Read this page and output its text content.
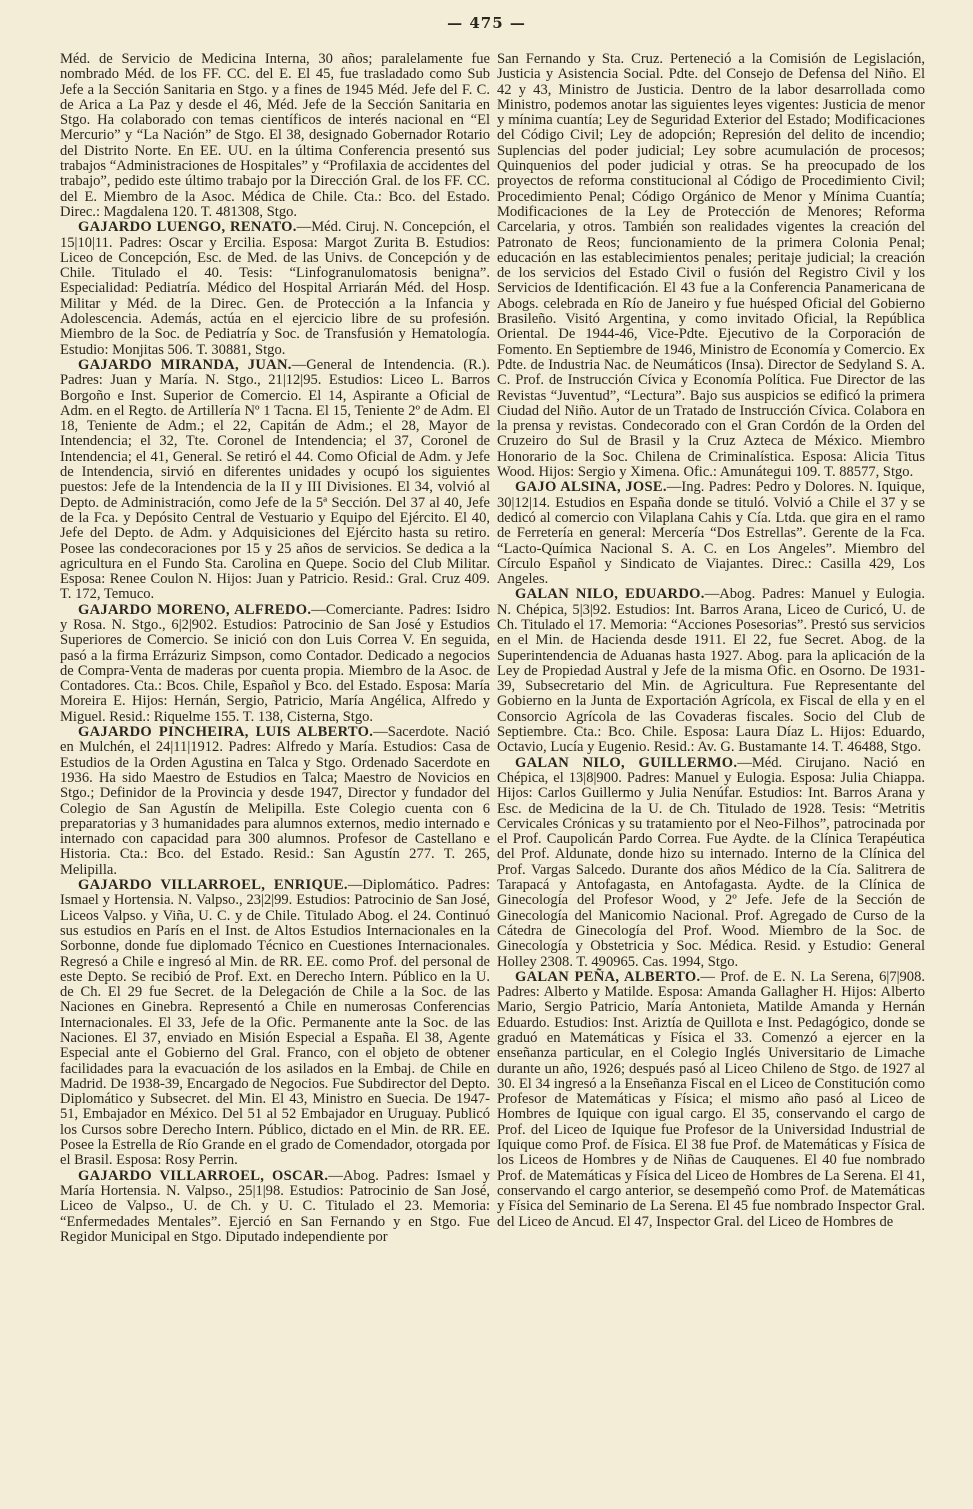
— 475 —

Méd. de Servicio de Medicina Interna, 30 años; paralelamente fue nombrado Méd. de los FF. CC. del E. El 45, fue trasladado como Sub Jefe a la Sección Sanitaria en Stgo. y a fines de 1945 Méd. Jefe del F. C. de Arica a La Paz y desde el 46, Méd. Jefe de la Sección Sanitaria en Stgo. Ha colaborado con temas científicos de interés nacional en “El Mercurio” y “La Nación” de Stgo. El 38, designado Gobernador Rotario del Distrito Norte. En EE. UU. en la última Conferencia presentó sus trabajos “Administraciones de Hospitales” y “Profilaxia de accidentes del trabajo”, pedido este último trabajo por la Dirección Gral. de los FF. CC. del E. Miembro de la Asoc. Médica de Chile. Cta.: Bco. del Estado. Direc.: Magdalena 120. T. 481308, Stgo.

GAJARDO LUENGO, RENATO.—Méd. Ciruj. N. Concepción, el 15|10|11. Padres: Oscar y Ercilia. Esposa: Margot Zurita B. Estudios: Liceo de Concepción, Esc. de Med. de las Univs. de Concepción y de Chile. Titulado el 40. Tesis: “Linfogranulomatosis benigna”. Especialidad: Pediatría. Médico del Hospital Arriarán Méd. del Hosp. Militar y Méd. de la Direc. Gen. de Protección a la Infancia y Adolescencia. Además, actúa en el ejercicio libre de su profesión. Miembro de la Soc. de Pediatría y Soc. de Transfusión y Hematología. Estudio: Monjitas 506. T. 30881, Stgo.

GAJARDO MIRANDA, JUAN.—General de Intendencia. (R.). Padres: Juan y María. N. Stgo., 21|12|95. Estudios: Liceo L. Barros Borgoño e Inst. Superior de Comercio. El 14, Aspirante a Oficial de Adm. en el Regto. de Artillería Nº 1 Tacna. El 15, Teniente 2º de Adm. El 18, Teniente de Adm.; el 22, Capitán de Adm.; el 28, Mayor de Intendencia; el 32, Tte. Coronel de Intendencia; el 37, Coronel de Intendencia; el 41, General. Se retiró el 44. Como Oficial de Adm. y Jefe de Intendencia, sirvió en diferentes unidades y ocupó los siguientes puestos: Jefe de la Intendencia de la II y III Divisiones. El 34, volvió al Depto. de Administración, como Jefe de la 5ª Sección. Del 37 al 40, Jefe de la Fca. y Depósito Central de Vestuario y Equipo del Ejército. El 40, Jefe del Depto. de Adm. y Adquisiciones del Ejército hasta su retiro. Posee las condecoraciones por 15 y 25 años de servicios. Se dedica a la agricultura en el Fundo Sta. Carolina en Quepe. Socio del Club Militar. Esposa: Renee Coulon N. Hijos: Juan y Patricio. Resid.: Gral. Cruz 409. T. 172, Temuco.

GAJARDO MORENO, ALFREDO.—Comerciante. Padres: Isidro y Rosa. N. Stgo., 6|2|902. Estudios: Patrocinio de San José y Estudios Superiores de Comercio. Se inició con don Luis Correa V. En seguida, pasó a la firma Errázuriz Simpson, como Contador. Dedicado a negocios de Compra-Venta de maderas por cuenta propia. Miembro de la Asoc. de Contadores. Cta.: Bcos. Chile, Español y Bco. del Estado. Esposa: María Moreira E. Hijos: Hernán, Sergio, Patricio, María Angélica, Alfredo y Miguel. Resid.: Riquelme 155. T. 138, Cisterna, Stgo.

GAJARDO PINCHEIRA, LUIS ALBERTO.—Sacerdote. Nació en Mulchén, el 24|11|1912. Padres: Alfredo y María. Estudios: Casa de Estudios de la Orden Agustina en Talca y Stgo. Ordenado Sacerdote en 1936. Ha sido Maestro de Estudios en Talca; Maestro de Novicios en Stgo.; Definidor de la Provincia y desde 1947, Director y fundador del Colegio de San Agustín de Melipilla. Este Colegio cuenta con 6 preparatorias y 3 humanidades para alumnos externos, medio internado e internado con capacidad para 300 alumnos. Profesor de Castellano e Historia. Cta.: Bco. del Estado. Resid.: San Agustín 277. T. 265, Melipilla.

GAJARDO VILLARROEL, ENRIQUE.—Diplomático. Padres: Ismael y Hortensia. N. Valpso., 23|2|99. Estudios: Patrocinio de San José, Liceos Valpso. y Viña, U. C. y de Chile. Titulado Abog. el 24. Continuó sus estudios en París en el Inst. de Altos Estudios Internacionales en la Sorbonne, donde fue diplomado Técnico en Cuestiones Internacionales. Regresó a Chile e ingresó al Min. de RR. EE. como Prof. del personal de este Depto. Se recibió de Prof. Ext. en Derecho Intern. Público en la U. de Ch. El 29 fue Secret. de la Delegación de Chile a la Soc. de las Naciones en Ginebra. Representó a Chile en numerosas Conferencias Internacionales. El 33, Jefe de la Ofic. Permanente ante la Soc. de las Naciones. El 37, enviado en Misión Especial a España. El 38, Agente Especial ante el Gobierno del Gral. Franco, con el objeto de obtener facilidades para la evacuación de los asilados en la Embaj. de Chile en Madrid. De 1938-39, Encargado de Negocios. Fue Subdirector del Depto. Diplomático y Subsecret. del Min. El 43, Ministro en Suecia. De 1947-51, Embajador en México. Del 51 al 52 Embajador en Uruguay. Publicó los Cursos sobre Derecho Intern. Público, dictado en el Min. de RR. EE. Posee la Estrella de Río Grande en el grado de Comendador, otorgada por el Brasil. Esposa: Rosy Perrin.

GAJARDO VILLARROEL, OSCAR.—Abog. Padres: Ismael y María Hortensia. N. Valpso., 25|1|98. Estudios: Patrocinio de San José, Liceo de Valpso., U. de Ch. y U. C. Titulado el 23. Memoria: “Enfermedades Mentales”. Ejerció en San Fernando y en Stgo. Fue Regidor Municipal en Stgo. Diputado independiente por

San Fernando y Sta. Cruz. Perteneció a la Comisión de Legislación, Justicia y Asistencia Social. Pdte. del Consejo de Defensa del Niño. El 42 y 43, Ministro de Justicia. Dentro de la labor desarrollada como Ministro, podemos anotar las siguientes leyes vigentes: Justicia de menor y mínima cuantía; Ley de Seguridad Exterior del Estado; Modificaciones del Código Civil; Ley de adopción; Represión del delito de incendio; Suplencias del poder judicial; Ley sobre acumulación de procesos; Quinquenios del poder judicial y otras. Se ha preocupado de los proyectos de reforma constitucional al Código de Procedimiento Civil; Procedimiento Penal; Código Orgánico de Menor y Mínima Cuantía; Modificaciones de la Ley de Protección de Menores; Reforma Carcelaria, y otros. También son realidades vigentes la creación del Patronato de Reos; funcionamiento de la primera Colonia Penal; educación en las establecimientos penales; peritaje judicial; la creación de los servicios del Estado Civil o fusión del Registro Civil y los Servicios de Identificación. El 43 fue a la Conferencia Panamericana de Abogs. celebrada en Río de Janeiro y fue huésped Oficial del Gobierno Brasileño. Visitó Argentina, y como invitado Oficial, la República Oriental. De 1944-46, Vice-Pdte. Ejecutivo de la Corporación de Fomento. En Septiembre de 1946, Ministro de Economía y Comercio. Ex Pdte. de Industria Nac. de Neumáticos (Insa). Director de Sedyland S. A. C. Prof. de Instrucción Cívica y Economía Política. Fue Director de las Revistas “Juventud”, “Lectura”. Bajo sus auspicios se edificó la primera Ciudad del Niño. Autor de un Tratado de Instrucción Cívica. Colabora en la prensa y revistas. Condecorado con el Gran Cordón de la Orden del Cruzeiro do Sul de Brasil y la Cruz Azteca de México. Miembro Honorario de la Soc. Chilena de Criminalística. Esposa: Alicia Titus Wood. Hijos: Sergio y Ximena. Ofic.: Amunátegui 109. T. 88577, Stgo.

GAJO ALSINA, JOSE.—Ing. Padres: Pedro y Dolores. N. Iquique, 30|12|14. Estudios en España donde se tituló. Volvió a Chile el 37 y se dedicó al comercio con Vilaplana Cahis y Cía. Ltda. que gira en el ramo de Ferretería en general: Mercería “Dos Estrellas”. Gerente de la Fca. “Lacto-Química Nacional S. A. C. en Los Angeles”. Miembro del Círculo Español y Sindicato de Viajantes. Direc.: Casilla 429, Los Angeles.

GALAN NILO, EDUARDO.—Abog. Padres: Manuel y Eulogia. N. Chépica, 5|3|92. Estudios: Int. Barros Arana, Liceo de Curicó, U. de Ch. Titulado el 17. Memoria: “Acciones Posesorias”. Prestó sus servicios en el Min. de Hacienda desde 1911. El 22, fue Secret. Abog. de la Superintendencia de Aduanas hasta 1927. Abog. para la aplicación de la Ley de Propiedad Austral y Jefe de la misma Ofic. en Osorno. De 1931-39, Subsecretario del Min. de Agricultura. Fue Representante del Gobierno en la Junta de Exportación Agrícola, ex Fiscal de ella y en el Consorcio Agrícola de las Covaderas fiscales. Socio del Club de Septiembre. Cta.: Bco. Chile. Esposa: Laura Díaz L. Hijos: Eduardo, Octavio, Lucía y Eugenio. Resid.: Av. G. Bustamante 14. T. 46488, Stgo.

GALAN NILO, GUILLERMO.—Méd. Cirujano. Nació en Chépica, el 13|8|900. Padres: Manuel y Eulogia. Esposa: Julia Chiappa. Hijos: Carlos Guillermo y Julia Nenúfar. Estudios: Int. Barros Arana y Esc. de Medicina de la U. de Ch. Titulado de 1928. Tesis: “Metritis Cervicales Crónicas y su tratamiento por el Neo-Filhos”, patrocinada por el Prof. Caupolicán Pardo Correa. Fue Aydte. de la Clínica Terapéutica del Prof. Aldunate, donde hizo su internado. Interno de la Clínica del Prof. Vargas Salcedo. Durante dos años Médico de la Cía. Salitrera de Tarapacá y Antofagasta, en Antofagasta. Aydte. de la Clínica de Ginecología del Profesor Wood, y 2º Jefe. Jefe de la Sección de Ginecología del Manicomio Nacional. Prof. Agregado de Curso de la Cátedra de Ginecología del Prof. Wood. Miembro de la Soc. de Ginecología y Obstetricia y Soc. Médica. Resid. y Estudio: General Holley 2308. T. 490965. Cas. 1994, Stgo.

GALAN PEÑA, ALBERTO.— Prof. de E. N. La Serena, 6|7|908. Padres: Alberto y Matilde. Esposa: Amanda Gallagher H. Hijos: Alberto Mario, Sergio Patricio, María Antonieta, Matilde Amanda y Hernán Eduardo. Estudios: Inst. Ariztía de Quillota e Inst. Pedagógico, donde se graduó en Matemáticas y Física el 33. Comenzó a ejercer en la enseñanza particular, en el Colegio Inglés Universitario de Limache durante un año, 1926; después pasó al Liceo Chileno de Stgo. de 1927 al 30. El 34 ingresó a la Enseñanza Fiscal en el Liceo de Constitución como Profesor de Matemáticas y Física; el mismo año pasó al Liceo de Hombres de Iquique con igual cargo. El 35, conservando el cargo de Prof. del Liceo de Iquique fue Profesor de la Universidad Industrial de Iquique como Prof. de Física. El 38 fue Prof. de Matemáticas y Física de los Liceos de Hombres y de Niñas de Cauquenes. El 40 fue nombrado Prof. de Matemáticas y Física del Liceo de Hombres de La Serena. El 41, conservando el cargo anterior, se desempeñó como Prof. de Matemáticas y Física del Seminario de La Serena. El 45 fue nombrado Inspector Gral. del Liceo de Ancud. El 47, Inspector Gral. del Liceo de Hombres de
